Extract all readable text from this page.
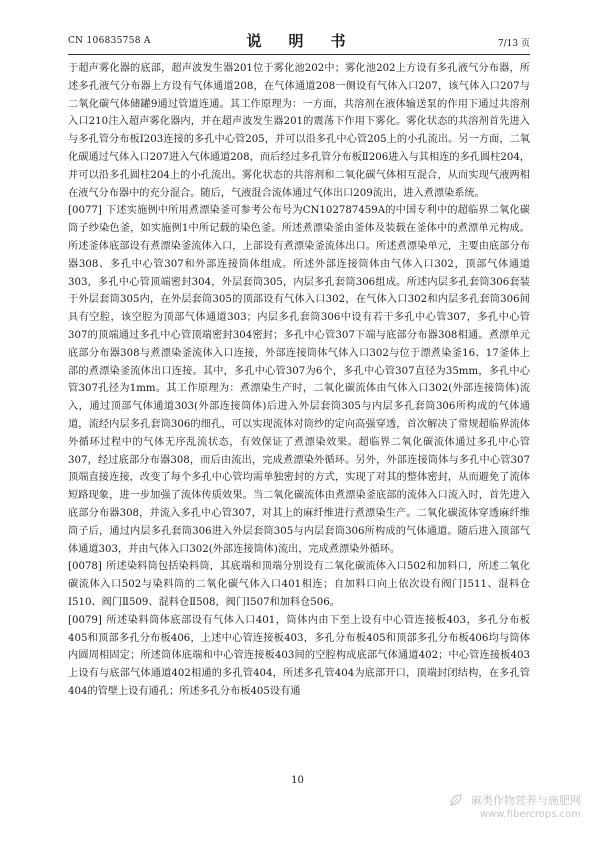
CN 106835758 A	说　明　书	7/13 页

于超声雾化器的底部，超声波发生器201位于雾化池202中；雾化池202上方设有多孔液气分布器，所述多孔液气分布器上方设有气体通道208，在气体通道208一侧设有气体入口207，该气体入口207与二氧化碳气体储罐9通过管道连通。其工作原理为：一方面，共溶剂在液体输送泵的作用下通过共溶剂入口210注入超声雾化器内，并在超声波发生器201的震荡下作用下雾化。雾化状态的共溶剂首先进入与多孔管分布板Ⅰ203连接的多孔中心管205，并可以沿多孔中心管205上的小孔流出。另一方面，二氧化碳通过气体入口207进入气体通道208，而后经过多孔管分布板Ⅱ206进入与其相连的多孔圆柱204，并可以沿多孔圆柱204上的小孔流出。雾化状态的共溶剂和二氧化碳气体相互混合，从而实现气液两相在液气分布器中的充分混合。随后，气液混合流体通过气体出口209流出，进入煮漂染系统。

[0077] 下述实施例中所用煮漂染釜可参考公布号为CN102787459A的中国专利中的超临界二氧化碳筒子纱染色釜，如实施例1中所记载的染色釜。所述煮漂染釜由釜体及装载在釜体中的煮漂单元构成。所述釜体底部设有煮漂染釜流体入口，上部设有煮漂染釜流体出口。所述煮漂染单元，主要由底部分布器308、多孔中心管307和外部连接筒体组成。所述外部连接筒体由气体入口302，顶部气体通道303，多孔中心管顶端密封304，外层套筒305，内层多孔套筒306组成。所述内层多孔套筒306套装于外层套筒305内，在外层套筒305的顶部设有气体入口302，在气体入口302和内层多孔套筒306间具有空腔，该空腔为顶部气体通道303；内层多孔套筒306中设有若干多孔中心管307，多孔中心管307的顶端通过多孔中心管顶端密封304密封；多孔中心管307下端与底部分布器308相通。煮漂单元底部分布器308与煮漂染釜流体入口连接，外部连接筒体气体入口302与位于漂煮染釜16、17釜体上部的煮漂染釜流体出口连接。其中，多孔中心管307为6个，多孔中心管307直径为35mm，多孔中心管307孔径为1mm。其工作原理为：煮漂染生产时，二氧化碳流体由气体入口302(外部连接筒体)流入，通过顶部气体通道303(外部连接筒体)后进入外层套筒305与内层多孔套筒306所构成的气体通道，流经内层多孔套筒306的细孔，可以实现流体对筒纱的定向高强穿透，首次解决了常规超临界流体外循环过程中的气体无序乱流状态，有效保证了煮漂染效果。超临界二氧化碳流体通过多孔中心管307，经过底部分布器308，而后由流出，完成煮漂染外循环。另外，外部连接筒体与多孔中心管307顶端直接连接，改变了每个多孔中心管均需单独密封的方式，实现了对其的整体密封，从而避免了流体短路现象，进一步加强了流体传质效果。当二氧化碳流体由煮漂染釜底部的流体入口流入时，首先进入底部分布器308，并流入多孔中心管307，对其上的麻纤维进行煮漂染生产。二氧化碳流体穿透麻纤维筒子后，通过内层多孔套筒306进入外层套筒305与内层套筒306所构成的气体通道。随后进入顶部气体通道303，并由气体入口302(外部连接筒体)流出，完成煮漂染外循环。

[0078] 所述染料筒包括染料筒，其底端和顶端分别设有二氧化碳流体入口502和加料口，所述二氧化碳流体入口502与染料筒的二氧化碳气体入口401相连；自加料口向上依次设有阀门Ⅰ511、混料仓Ⅰ510、阀门Ⅱ509、混料仓Ⅱ508，阀门Ⅰ507和加料仓506。

[0079] 所述染料筒体底部设有气体入口401，筒体内由下至上设有中心管连接板403，多孔分布板405和顶部多孔分布板406，上述中心管连接板403，多孔分布板405和顶部多孔分布板406均与筒体内圆周相固定；所述筒体底端和中心管连接板403间的空腔构成底部气体通道402；中心管连接板403上设有与底部气体通道402相通的多孔管404，所述多孔管404为底部开口，顶端封闭结构，在多孔管404的管壁上设有通孔；所述多孔分布板405设有通

10
麻类作物营养与施肥网
www.fibercrops.com
